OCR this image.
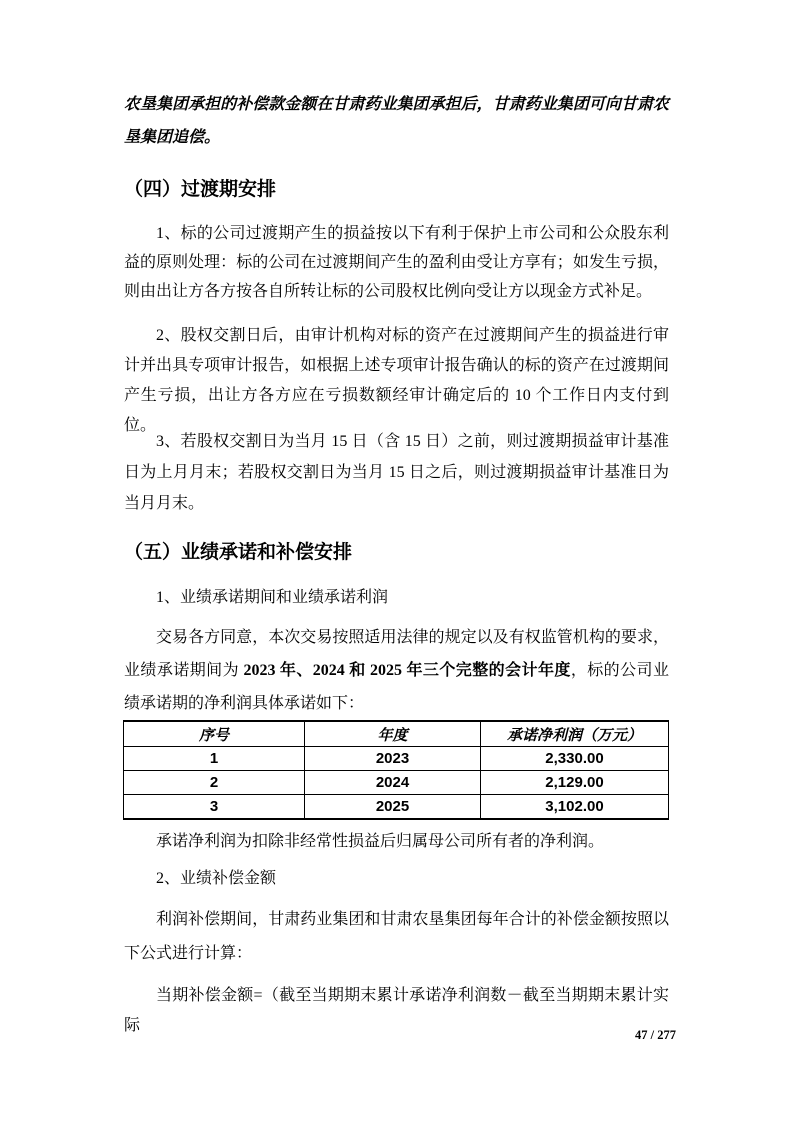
农垦集团承担的补偿款金额在甘肃药业集团承担后，甘肃药业集团可向甘肃农垦集团追偿。

（四）过渡期安排

1、标的公司过渡期产生的损益按以下有利于保护上市公司和公众股东利益的原则处理：标的公司在过渡期间产生的盈利由受让方享有；如发生亏损，则由出让方各方按各自所转让标的公司股权比例向受让方以现金方式补足。

2、股权交割日后，由审计机构对标的资产在过渡期间产生的损益进行审计并出具专项审计报告，如根据上述专项审计报告确认的标的资产在过渡期间产生亏损，出让方各方应在亏损数额经审计确定后的 10 个工作日内支付到位。

3、若股权交割日为当月 15 日（含 15 日）之前，则过渡期损益审计基准日为上月月末；若股权交割日为当月 15 日之后，则过渡期损益审计基准日为当月月末。

（五）业绩承诺和补偿安排

1、业绩承诺期间和业绩承诺利润

交易各方同意，本次交易按照适用法律的规定以及有权监管机构的要求，业绩承诺期间为 2023 年、2024 和 2025 年三个完整的会计年度，标的公司业绩承诺期的净利润具体承诺如下：

序号	年度	承诺净利润（万元）
1	2023	2,330.00
2	2024	2,129.00
3	2025	3,102.00

承诺净利润为扣除非经常性损益后归属母公司所有者的净利润。

2、业绩补偿金额

利润补偿期间，甘肃药业集团和甘肃农垦集团每年合计的补偿金额按照以下公式进行计算：

当期补偿金额=（截至当期期末累计承诺净利润数－截至当期期末累计实际

47 / 277
